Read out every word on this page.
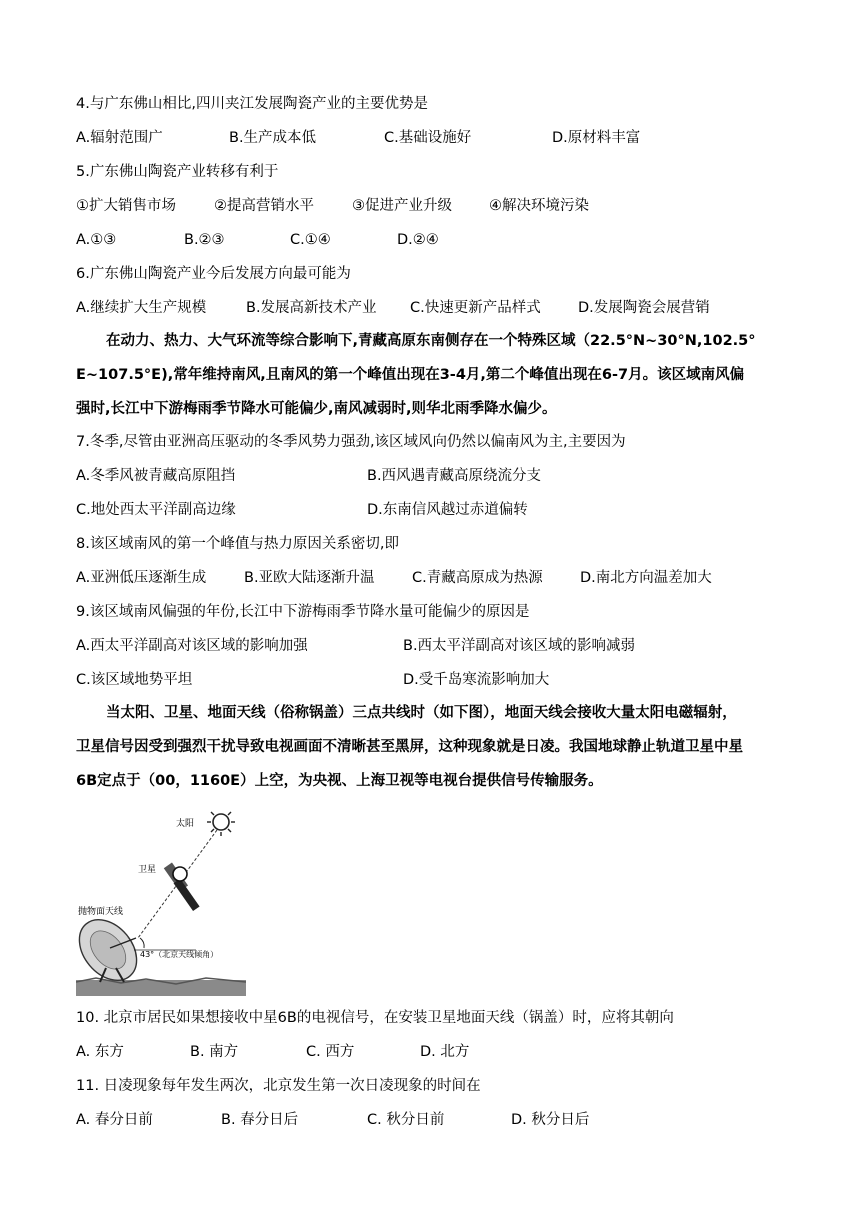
4.与广东佛山相比,四川夹江发展陶瓷产业的主要优势是
A.辐射范围广	B.生产成本低	C.基础设施好	D.原材料丰富
5.广东佛山陶瓷产业转移有利于
①扩大销售市场	②提高营销水平	③促进产业升级	④解决环境污染
A.①③	B.②③	C.①④	D.②④
6.广东佛山陶瓷产业今后发展方向最可能为
A.继续扩大生产规模	B.发展高新技术产业 C.快速更新产品样式	D.发展陶瓷会展营销
在动力、热力、大气环流等综合影响下,青藏高原东南侧存在一个特殊区域（22.5°N~30°N,102.5°
E~107.5°E),常年维持南风,且南风的第一个峰值出现在3-4月,第二个峰值出现在6-7月。该区域南风偏
强时,长江中下游梅雨季节降水可能偏少,南风减弱时,则华北雨季降水偏少。
7.冬季,尽管由亚洲高压驱动的冬季风势力强劲,该区域风向仍然以偏南风为主,主要因为
A.冬季风被青藏高原阻挡	B.西风遇青藏高原绕流分支
C.地处西太平洋副高边缘	D.东南信风越过赤道偏转
8.该区域南风的第一个峰值与热力原因关系密切,即
A.亚洲低压逐渐生成	B.亚欧大陆逐渐升温	C.青藏高原成为热源	D.南北方向温差加大
9.该区域南风偏强的年份,长江中下游梅雨季节降水量可能偏少的原因是
A.西太平洋副高对该区域的影响加强	B.西太平洋副高对该区域的影响减弱
C.该区域地势平坦	D.受千岛寒流影响加大
当太阳、卫星、地面天线（俗称锅盖）三点共线时（如下图），地面天线会接收大量太阳电磁辐射，
卫星信号因受到强烈干扰导致电视画面不清晰甚至黑屏，这种现象就是日凌。我国地球静止轨道卫星中星
6B定点于（00，1160E）上空，为央视、上海卫视等电视台提供信号传输服务。
太阳
卫星
抛物面天线
43°（北京天线倾角）
10. 北京市居民如果想接收中星6B的电视信号，在安装卫星地面天线（锅盖）时，应将其朝向
A. 东方	B. 南方	C. 西方	D. 北方
11. 日凌现象每年发生两次，北京发生第一次日凌现象的时间在
A. 春分日前	B. 春分日后	C. 秋分日前	D. 秋分日后
